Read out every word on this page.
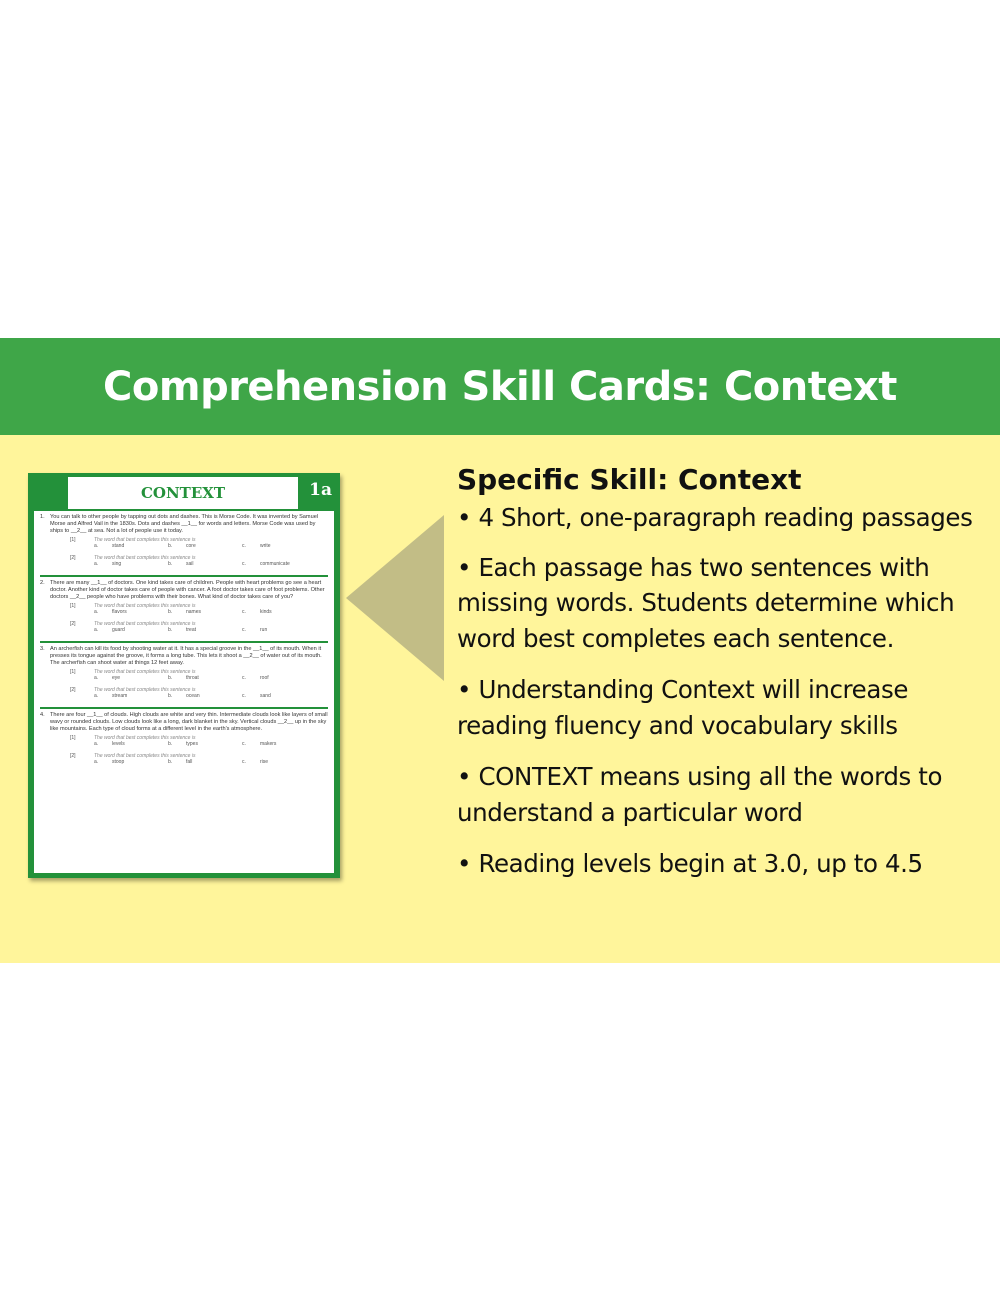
Comprehension Skill Cards: Context
CONTEXT	1a
1. You can talk to other people by tapping out dots and dashes. This is Morse Code. It was invented by Samuel Morse and Alfred Vail in the 1830s. Dots and dashes __1__ for words and letters. Morse Code was used by ships to __2__ at sea. Not a lot of people use it today.
[1]	The word that best completes this sentence is
a.	stand	b.	core	c.	write
[2]	The word that best completes this sentence is
a.	sing	b.	sail	c.	communicate
2. There are many __1__ of doctors. One kind takes care of children. People with heart problems go see a heart doctor. Another kind of doctor takes care of people with cancer. A foot doctor takes care of foot problems. Other doctors __2__ people who have problems with their bones. What kind of doctor takes care of you?
[1]	The word that best completes this sentence is
a.	flavors	b.	names	c.	kinds
[2]	The word that best completes this sentence is
a.	guard	b.	treat	c.	run
3. An archerfish can kill its food by shooting water at it. It has a special groove in the __1__ of its mouth. When it presses its tongue against the groove, it forms a long tube. This lets it shoot a __2__ of water out of its mouth. The archerfish can shoot water at things 12 feet away.
[1]	The word that best completes this sentence is
a.	eye	b.	throat	c.	roof
[2]	The word that best completes this sentence is
a.	stream	b.	ocean	c.	sand
4. There are four __1__ of clouds. High clouds are white and very thin. Intermediate clouds look like layers of small wavy or rounded clouds. Low clouds look like a long, dark blanket in the sky. Vertical clouds __2__ up in the sky like mountains. Each type of cloud forms at a different level in the earth's atmosphere.
[1]	The word that best completes this sentence is
a.	levels	b.	types	c.	makers
[2]	The word that best completes this sentence is
a.	stoop	b.	fall	c.	rise
Specific Skill: Context
• 4 Short, one-paragraph reading passages
• Each passage has two sentences with missing words. Students determine which word best completes each sentence.
• Understanding Context will increase reading fluency and vocabulary skills
• CONTEXT means using all the words to understand a particular word
• Reading levels begin at 3.0, up to 4.5
